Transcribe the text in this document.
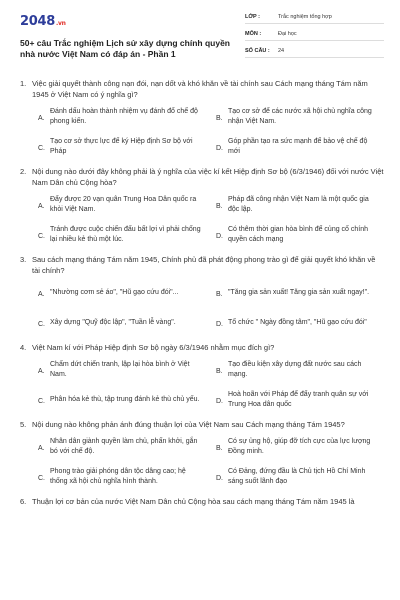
2048.vn
50+ câu Trắc nghiệm Lịch sử xây dựng chính quyền nhà nước Việt Nam có đáp án - Phần 1
LỚP :	Trắc nghiệm tổng hợp
MÔN :	Đại học
SỐ CÂU :	24
1. Việc giải quyết thành công nạn đói, nạn dốt và khó khăn về tài chính sau Cách mạng tháng Tám năm 1945 ở Việt Nam có ý nghĩa gì?
A.
Đánh dấu hoàn thành nhiệm vụ đánh đổ chế độ phong kiến.	B.
Tạo cơ sở để các nước xã hội chủ nghĩa công nhận Việt Nam.
C.
Tạo cơ sở thực lực để ký Hiệp định Sơ bộ với Pháp	D.
Góp phần tạo ra sức mạnh để bảo vệ chế độ mới
2. Nội dung nào dưới đây không phải là ý nghĩa của việc kí kết Hiệp định Sơ bộ (6/3/1946) đối với nước Việt Nam Dân chủ Cộng hòa?
A.
Đẩy được 20 vạn quân Trung Hoa Dân quốc ra khỏi Việt Nam.	B.
Pháp đã công nhận Việt Nam là một quốc gia độc lập.
C.
Tránh được cuộc chiến đấu bất lợi vì phải chống lại nhiều kẻ thù một lúc.	D.
Có thêm thời gian hòa bình để củng cố chính quyền cách mạng
3. Sau cách mạng tháng Tám năm 1945, Chính phủ đã phát động phong trào gì để giải quyết khó khăn về tài chính?
A. "Nhường cơm sẻ áo", "Hũ gạo cứu đói"...	B. "Tăng gia sản xuất! Tăng gia sản xuất ngay!".
C. Xây dựng "Quỹ độc lập", "Tuần lễ vàng".	D. Tổ chức " Ngày đồng tâm", "Hũ gạo cứu đói"
4. Việt Nam kí với Pháp Hiệp định Sơ bộ ngày 6/3/1946 nhằm mục đích gì?
A.
Chấm dứt chiến tranh, lập lại hòa bình ở Việt Nam.	B.
Tạo điều kiện xây dựng đất nước sau cách mạng.
C. Phân hóa kẻ thù, tập trung đánh kẻ thù chủ yếu.	D.
Hoà hoãn với Pháp để đẩy tranh quân sự với Trung Hoa dân quốc
5. Nội dung nào không phản ánh đúng thuận lợi của Việt Nam sau Cách mạng tháng Tám 1945?
A.
Nhân dân giành quyền làm chủ, phấn khởi, gắn bó với chế độ.	B.
Có sự ủng hộ, giúp đỡ tích cực của lực lượng Đồng minh.
C.
Phong trào giải phóng dân tộc dâng cao; hệ thống xã hội chủ nghĩa hình thành.	D.
Có Đảng, đứng đầu là Chủ tịch Hồ Chí Minh sáng suốt lãnh đạo
6. Thuận lợi cơ bản của nước Việt Nam Dân chủ Cộng hòa sau cách mạng tháng Tám năm 1945 là
